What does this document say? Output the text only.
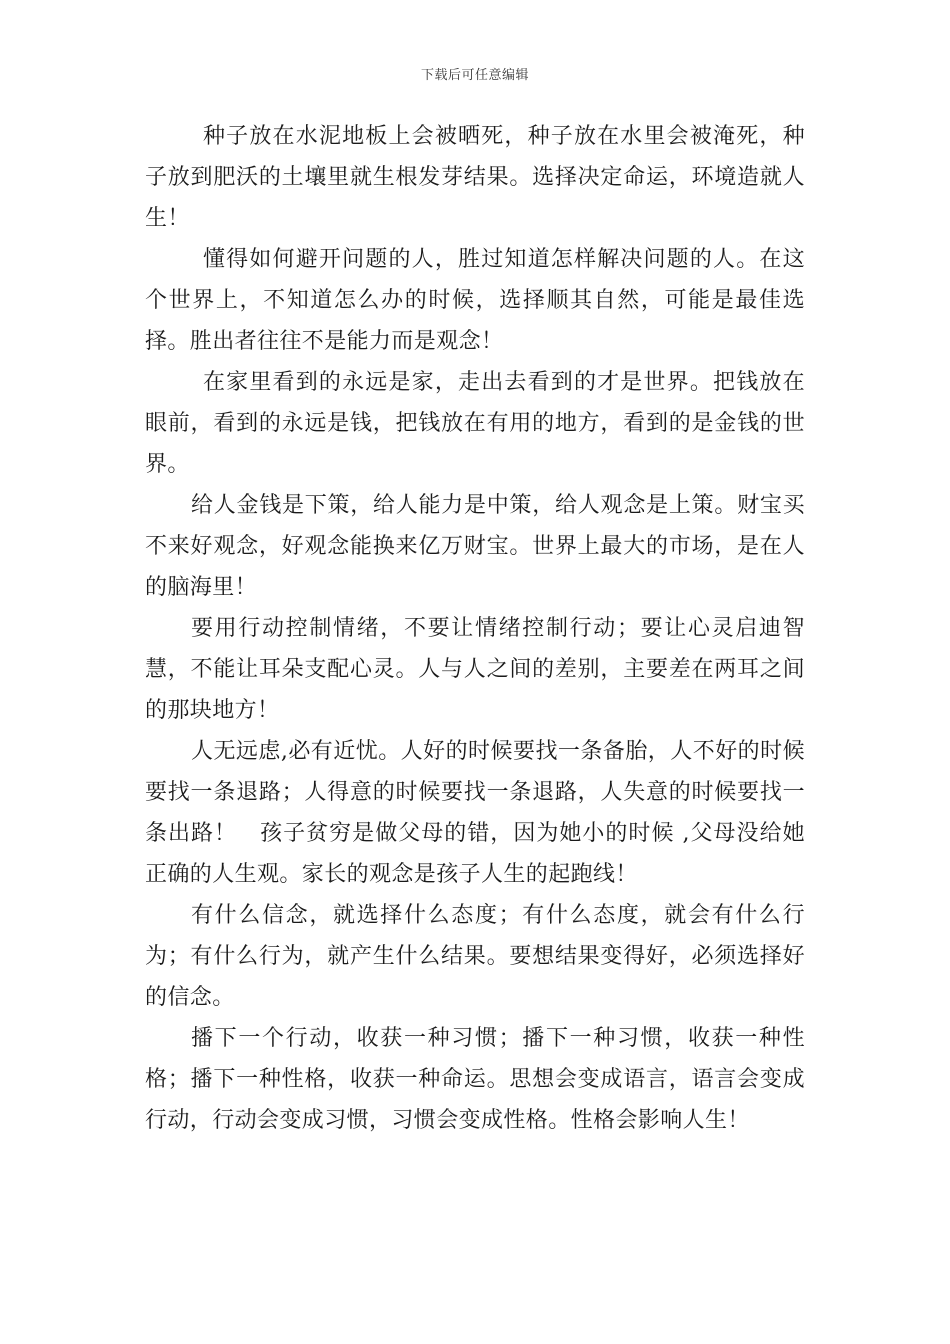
下载后可任意编辑

种子放在水泥地板上会被晒死，种子放在水里会被淹死，种子放到肥沃的土壤里就生根发芽结果。选择决定命运，环境造就人生！

懂得如何避开问题的人，胜过知道怎样解决问题的人。在这个世界上，不知道怎么办的时候，选择顺其自然，可能是最佳选择。胜出者往往不是能力而是观念！

在家里看到的永远是家，走出去看到的才是世界。把钱放在眼前，看到的永远是钱，把钱放在有用的地方，看到的是金钱的世界。

给人金钱是下策，给人能力是中策，给人观念是上策。财宝买不来好观念，好观念能换来亿万财宝。世界上最大的市场，是在人的脑海里！

要用行动控制情绪，不要让情绪控制行动；要让心灵启迪智慧，不能让耳朵支配心灵。人与人之间的差别，主要差在两耳之间的那块地方！

人无远虑,必有近忧。人好的时候要找一条备胎，人不好的时候要找一条退路；人得意的时候要找一条退路，人失意的时候要找一条出路！　孩子贫穷是做父母的错，因为她小的时候 ,父母没给她正确的人生观。家长的观念是孩子人生的起跑线！

有什么信念，就选择什么态度；有什么态度，就会有什么行为；有什么行为，就产生什么结果。要想结果变得好，必须选择好的信念。

播下一个行动，收获一种习惯；播下一种习惯，收获一种性格；播下一种性格，收获一种命运。思想会变成语言，语言会变成行动，行动会变成习惯，习惯会变成性格。性格会影响人生！
